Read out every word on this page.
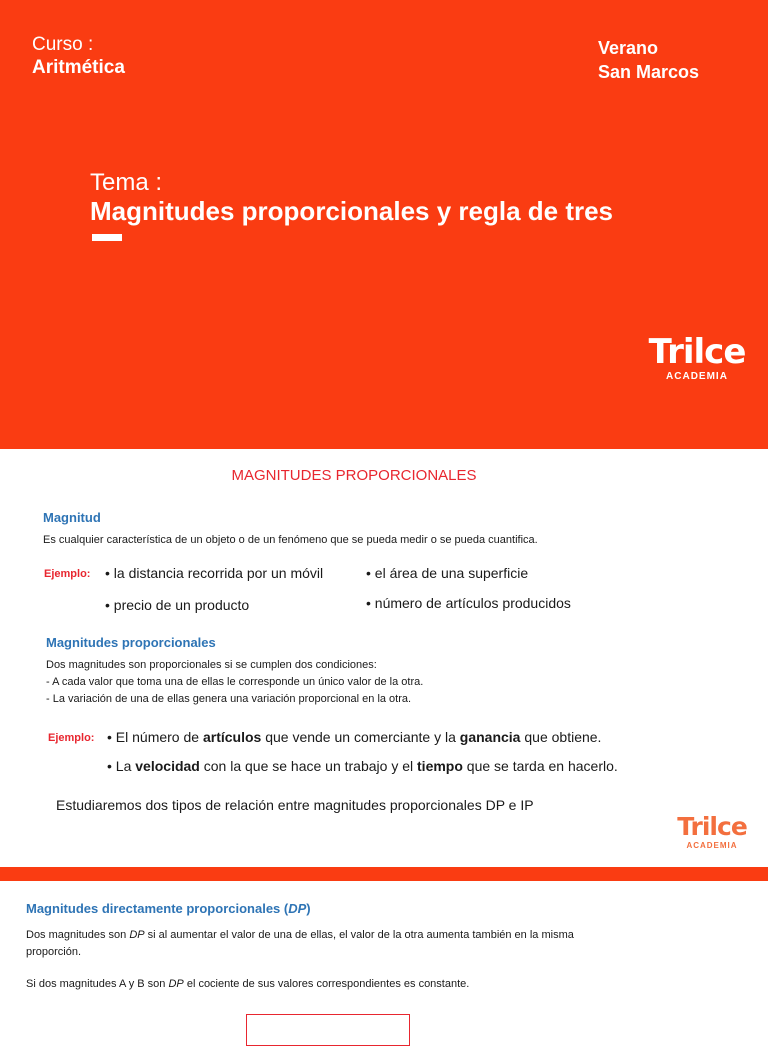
Curso :
Aritmética
Verano
San Marcos
Tema :
Magnitudes proporcionales y regla de tres
Trilce
ACADEMIA
MAGNITUDES PROPORCIONALES
Magnitud
Es cualquier característica de un objeto o de un fenómeno que se pueda medir o se pueda cuantifica.
Ejemplo: • la distancia recorrida por un móvil	• el área de una superficie
• precio de un producto	• número de artículos producidos
Magnitudes proporcionales
Dos magnitudes son proporcionales si se cumplen dos condiciones:
- A cada valor que toma una de ellas le corresponde un único valor de la otra.
- La variación de una de ellas genera una variación proporcional en la otra.
Ejemplo: • El número de artículos que vende un comerciante y la ganancia que obtiene.
• La velocidad con la que se hace un trabajo y el tiempo que se tarda en hacerlo.
Estudiaremos dos tipos de relación entre magnitudes proporcionales DP e IP
Trilce
ACADEMIA
Magnitudes directamente proporcionales (DP)
Dos magnitudes son DP si al aumentar el valor de una de ellas, el valor de la otra aumenta también en la misma proporción.
Si dos magnitudes A y B son DP el cociente de sus valores correspondientes es constante.
